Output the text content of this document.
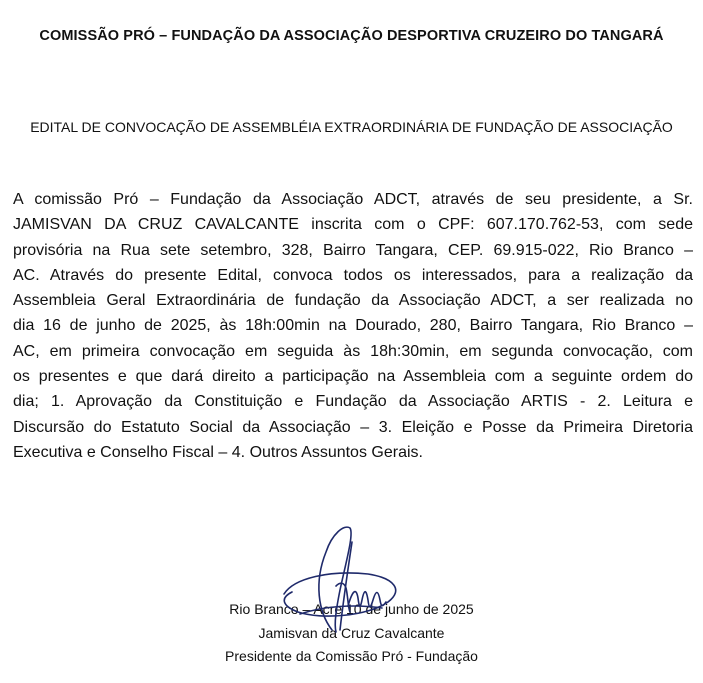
COMISSÃO PRÓ – FUNDAÇÃO DA ASSOCIAÇÃO DESPORTIVA CRUZEIRO DO TANGARÁ
EDITAL DE CONVOCAÇÃO DE ASSEMBLÉIA EXTRAORDINÁRIA DE FUNDAÇÃO DE ASSOCIAÇÃO
A comissão Pró – Fundação da Associação ADCT, através de seu presidente, a Sr.
JAMISVAN DA CRUZ CAVALCANTE inscrita com o CPF: 607.170.762-53, com sede
provisória na Rua sete setembro, 328, Bairro Tangara, CEP. 69.915-022, Rio Branco –
AC. Através do presente Edital, convoca todos os interessados, para a realização da
Assembleia Geral Extraordinária de fundação da Associação ADCT, a ser realizada no
dia 16 de junho de 2025, às 18h:00min na Dourado, 280, Bairro Tangara, Rio Branco –
AC, em primeira convocação em seguida às 18h:30min, em segunda convocação, com
os presentes e que dará direito a participação na Assembleia com a seguinte ordem do
dia; 1. Aprovação da Constituição e Fundação da Associação ARTIS - 2. Leitura e
Discursão do Estatuto Social da Associação – 3. Eleição e Posse da Primeira Diretoria
Executiva e Conselho Fiscal – 4. Outros Assuntos Gerais.
Rio Branco – Acre 10 de junho de 2025
Jamisvan da Cruz Cavalcante
Presidente da Comissão Pró - Fundação
